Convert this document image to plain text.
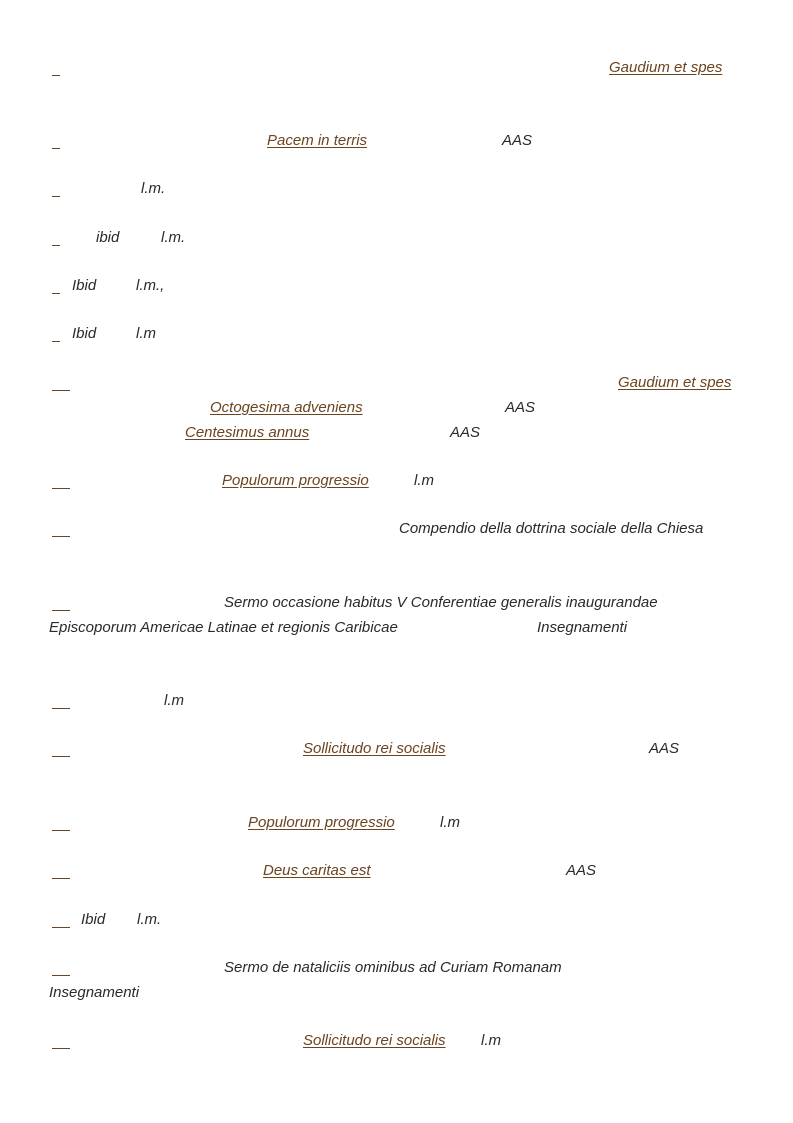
Gaudium et spes
Pacem in terris	AAS
l.m.
ibid	l.m.
Ibid	l.m.,
Ibid	l.m
Gaudium et spes
Octogesima adveniens	AAS
Centesimus annus	AAS
Populorum progressio	l.m
Compendio della dottrina sociale della Chiesa
Sermo occasione habitus V Conferentiae generalis inaugurandae
Episcoporum Americae Latinae et regionis Caribicae	Insegnamenti
l.m
Sollicitudo rei socialis	AAS
Populorum progressio	l.m
Deus caritas est	AAS
Ibid l.m.
Sermo de nataliciis ominibus ad Curiam Romanam
Insegnamenti
Sollicitudo rei socialis l.m
